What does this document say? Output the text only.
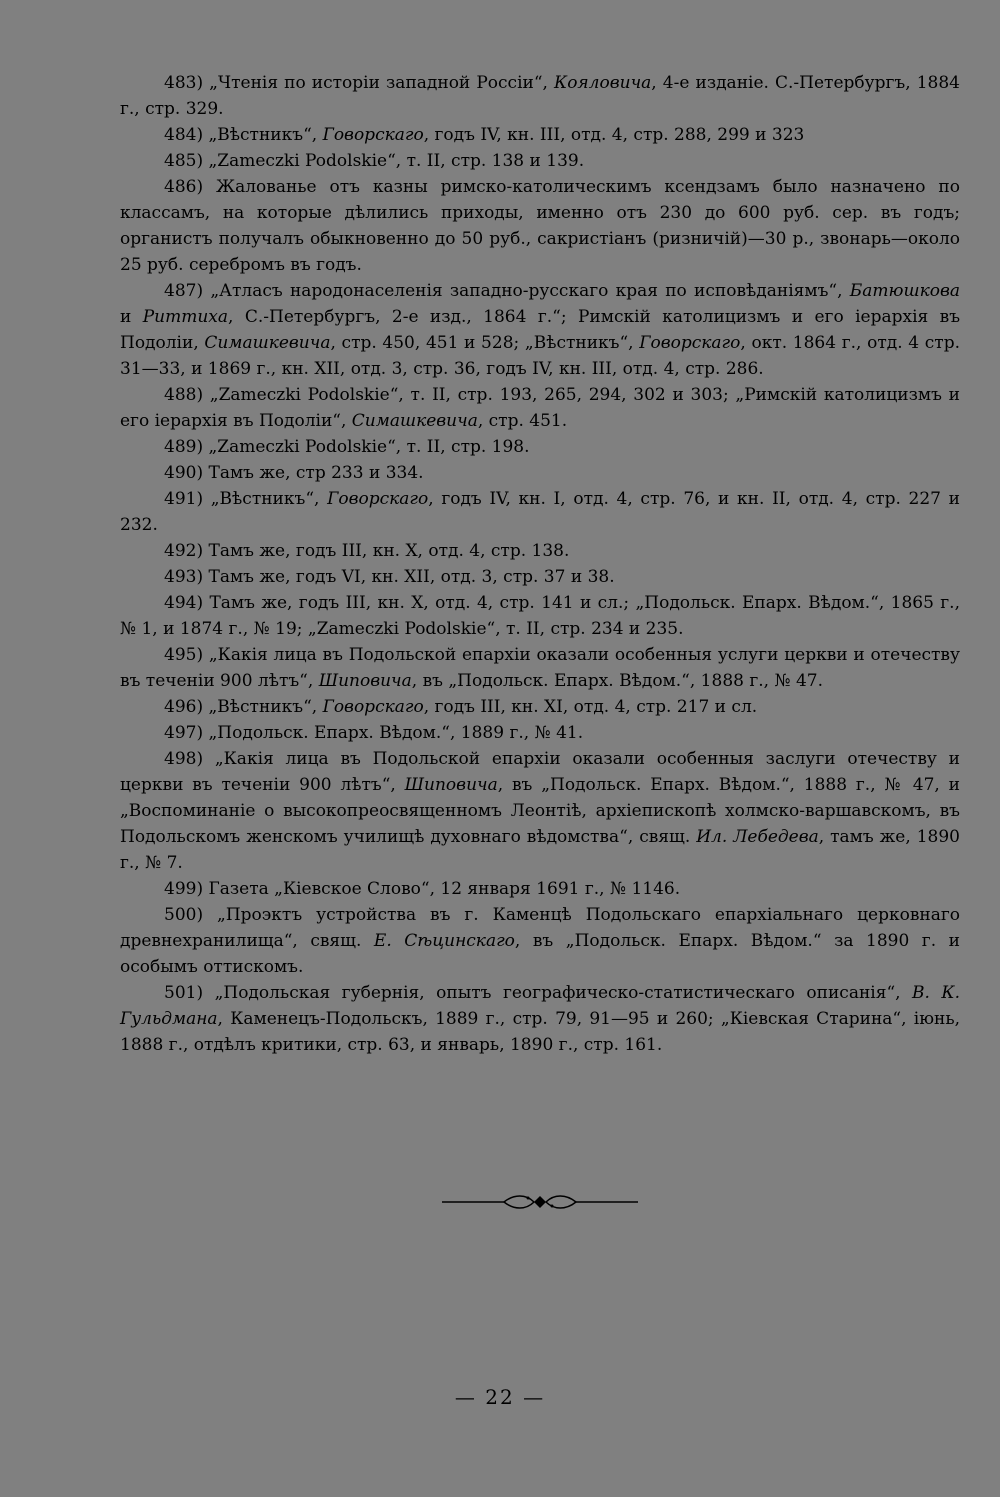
483) „Чтенія по исторіи западной Россіи“, Кояловича, 4-е изданіе. С.-Петербургъ, 1884 г., стр. 329.

484) „Вѣстникъ“, Говорскаго, годъ IV, кн. III, отд. 4, стр. 288, 299 и 323

485) „Zameczki Podolskie“, т. II, стр. 138 и 139.

486) Жалованье отъ казны римско-католическимъ ксендзамъ было назначено по классамъ, на которые дѣлились приходы, именно отъ 230 до 600 руб. сер. въ годъ; органистъ получалъ обыкновенно до 50 руб., сакристіанъ (ризничій)—30 р., звонарь—около 25 руб. серебромъ въ годъ.

487) „Атласъ народонаселенія западно-русскаго края по исповѣданіямъ“, Батюшкова и Риттиха, С.-Петербургъ, 2-е изд., 1864 г.“; Римскій католицизмъ и его іерархія въ Подоліи, Симашкевича, стр. 450, 451 и 528; „Вѣстникъ“, Говорскаго, окт. 1864 г., отд. 4 стр. 31—33, и 1869 г., кн. XII, отд. 3, стр. 36, годъ IV, кн. III, отд. 4, стр. 286.

488) „Zameczki Podolskie“, т. II, стр. 193, 265, 294, 302 и 303; „Римскій католицизмъ и его іерархія въ Подоліи“, Симашкевича, стр. 451.

489) „Zameczki Podolskie“, т. II, стр. 198.

490) Тамъ же, стр 233 и 334.

491) „Вѣстникъ“, Говорскаго, годъ IV, кн. I, отд. 4, стр. 76, и кн. II, отд. 4, стр. 227 и 232.

492) Тамъ же, годъ III, кн. X, отд. 4, стр. 138.

493) Тамъ же, годъ VI, кн. XII, отд. 3, стр. 37 и 38.

494) Тамъ же, годъ III, кн. X, отд. 4, стр. 141 и сл.; „Подольск. Епарх. Вѣдом.“, 1865 г., № 1, и 1874 г., № 19; „Zameczki Podolskie“, т. II, стр. 234 и 235.

495) „Какія лица въ Подольской епархіи оказали особенныя услуги церкви и отечеству въ теченіи 900 лѣтъ“, Шиповича, въ „Подольск. Епарх. Вѣдом.“, 1888 г., № 47.

496) „Вѣстникъ“, Говорскаго, годъ III, кн. XI, отд. 4, стр. 217 и сл.

497) „Подольск. Епарх. Вѣдом.“, 1889 г., № 41.

498) „Какія лица въ Подольской епархіи оказали особенныя заслуги отечеству и церкви въ теченіи 900 лѣтъ“, Шиповича, въ „Подольск. Епарх. Вѣдом.“, 1888 г., № 47, и „Воспоминаніе о высокопреосвященномъ Леонтіѣ, архіепископѣ холмско-варшавскомъ, въ Подольскомъ женскомъ училищѣ духовнаго вѣдомства“, свящ. Ил. Лебедева, тамъ же, 1890 г., № 7.

499) Газета „Кіевское Слово“, 12 января 1691 г., № 1146.

500) „Проэктъ устройства въ г. Каменцѣ Подольскаго епархіальнаго церковнаго древнехранилища“, свящ. Е. Сѣцинскаго, въ „Подольск. Епарх. Вѣдом.“ за 1890 г. и особымъ оттискомъ.

501) „Подольская губернія, опытъ географическо-статистическаго описанія“, В. К. Гульдмана, Каменецъ-Подольскъ, 1889 г., стр. 79, 91—95 и 260; „Кіевская Старина“, іюнь, 1888 г., отдѣлъ критики, стр. 63, и январь, 1890 г., стр. 161.

— 22 —
